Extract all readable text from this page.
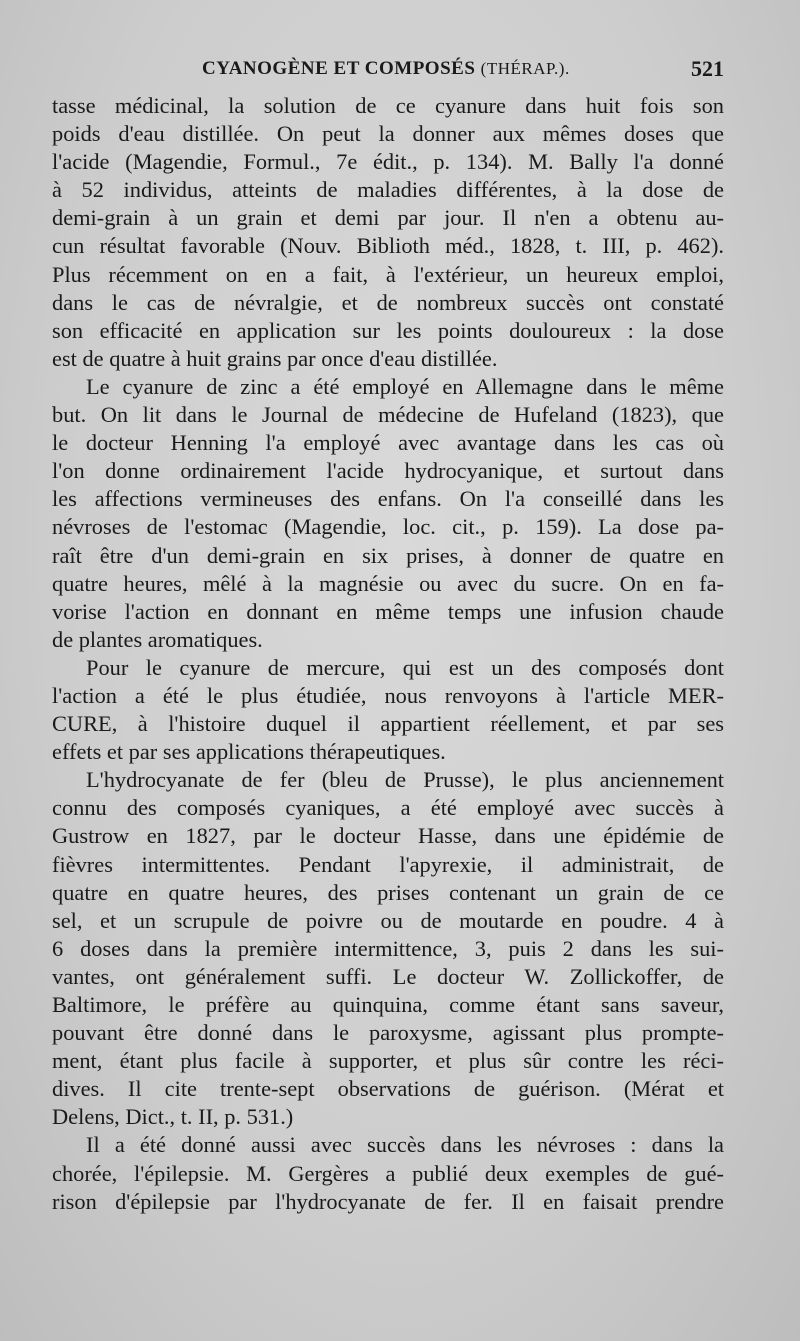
CYANOGÈNE ET COMPOSÉS (THÉRAP.).	521

tasse médicinal, la solution de ce cyanure dans huit fois son

poids d'eau distillée. On peut la donner aux mêmes doses que

l'acide (Magendie, Formul., 7e édit., p. 134). M. Bally l'a donné

à 52 individus, atteints de maladies différentes, à la dose de

demi-grain à un grain et demi par jour. Il n'en a obtenu au-

cun résultat favorable (Nouv. Biblioth méd., 1828, t. III, p. 462).

Plus récemment on en a fait, à l'extérieur, un heureux emploi,

dans le cas de névralgie, et de nombreux succès ont constaté

son efficacité en application sur les points douloureux : la dose

est de quatre à huit grains par once d'eau distillée.

Le cyanure de zinc a été employé en Allemagne dans le même

but. On lit dans le Journal de médecine de Hufeland (1823), que

le docteur Henning l'a employé avec avantage dans les cas où

l'on donne ordinairement l'acide hydrocyanique, et surtout dans

les affections vermineuses des enfans. On l'a conseillé dans les

névroses de l'estomac (Magendie, loc. cit., p. 159). La dose pa-

raît être d'un demi-grain en six prises, à donner de quatre en

quatre heures, mêlé à la magnésie ou avec du sucre. On en fa-

vorise l'action en donnant en même temps une infusion chaude

de plantes aromatiques.

Pour le cyanure de mercure, qui est un des composés dont

l'action a été le plus étudiée, nous renvoyons à l'article MER-

CURE, à l'histoire duquel il appartient réellement, et par ses

effets et par ses applications thérapeutiques.

L'hydrocyanate de fer (bleu de Prusse), le plus anciennement

connu des composés cyaniques, a été employé avec succès à

Gustrow en 1827, par le docteur Hasse, dans une épidémie de

fièvres intermittentes. Pendant l'apyrexie, il administrait, de

quatre en quatre heures, des prises contenant un grain de ce

sel, et un scrupule de poivre ou de moutarde en poudre. 4 à

6 doses dans la première intermittence, 3, puis 2 dans les sui-

vantes, ont généralement suffi. Le docteur W. Zollickoffer, de

Baltimore, le préfère au quinquina, comme étant sans saveur,

pouvant être donné dans le paroxysme, agissant plus prompte-

ment, étant plus facile à supporter, et plus sûr contre les réci-

dives. Il cite trente-sept observations de guérison. (Mérat et

Delens, Dict., t. II, p. 531.)

Il a été donné aussi avec succès dans les névroses : dans la

chorée, l'épilepsie. M. Gergères a publié deux exemples de gué-

rison d'épilepsie par l'hydrocyanate de fer. Il en faisait prendre
